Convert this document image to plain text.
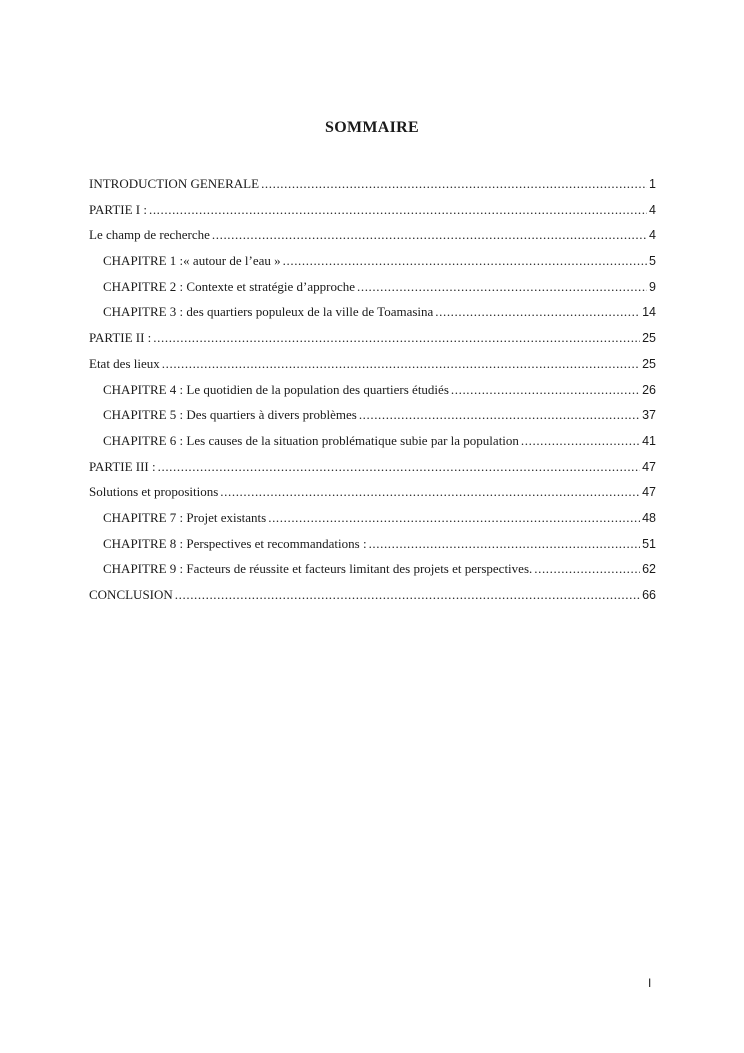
SOMMAIRE
INTRODUCTION GENERALE .....	1
PARTIE I : .....	4
Le champ de recherche .....	4
CHAPITRE 1 :« autour de l’eau » .....	5
CHAPITRE 2 : Contexte et stratégie d’approche .....	9
CHAPITRE 3 : des quartiers populeux de la ville de Toamasina .....	14
PARTIE II : .....	25
Etat des lieux .....	25
CHAPITRE 4 : Le quotidien de la population des quartiers étudiés .....	26
CHAPITRE 5 : Des quartiers à divers problèmes .....	37
CHAPITRE 6 : Les causes de la situation problématique subie par la population .....	41
PARTIE III : .....	47
Solutions et propositions .....	47
CHAPITRE 7 : Projet existants .....	48
CHAPITRE 8 : Perspectives et recommandations : .....	51
CHAPITRE 9 : Facteurs de réussite et facteurs limitant des projets et perspectives. .....	62
CONCLUSION .....	66
I
